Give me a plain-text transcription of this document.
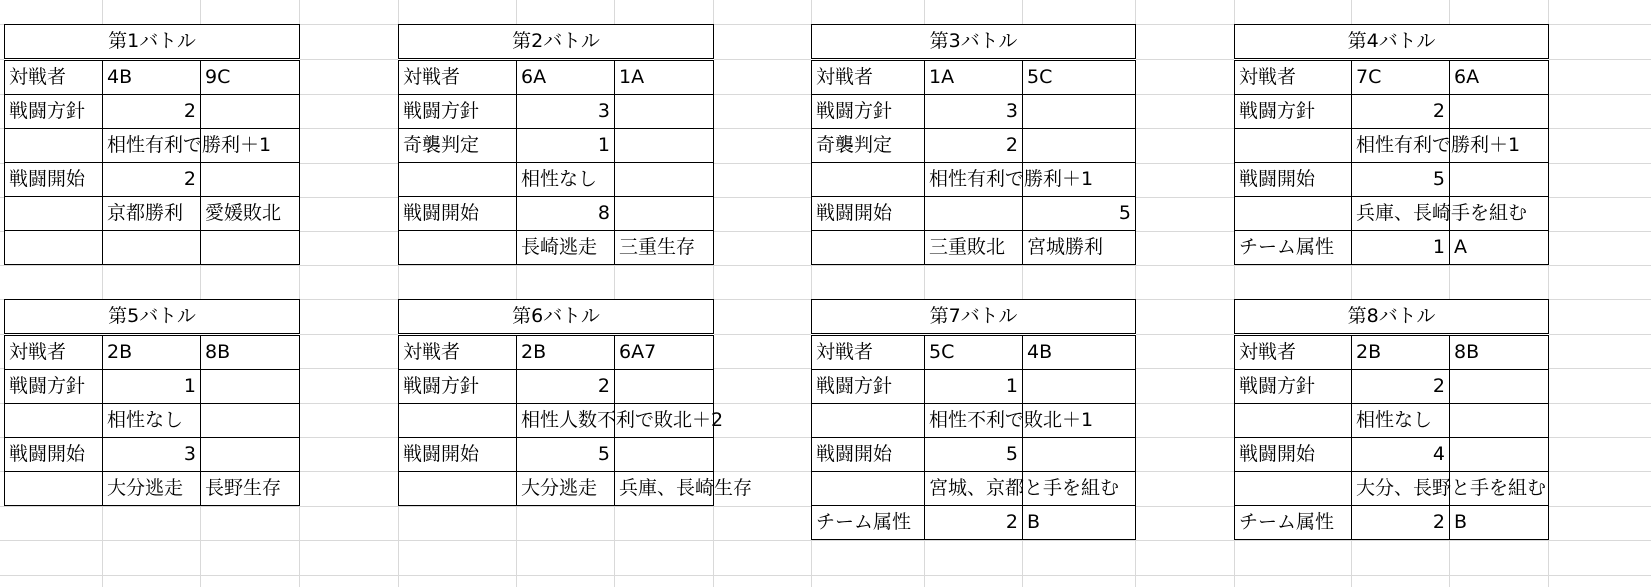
第1バトル		
対戦者	4B	9C
戦闘方針	2	
	相性有利で勝利＋1	
戦闘開始	2	
	京都勝利	愛媛敗北

第2バトル		
対戦者	6A	1A
戦闘方針	3	
奇襲判定	1	
	相性なし	
戦闘開始	8	
	長崎逃走	三重生存
第3バトル		
対戦者	1A	5C
戦闘方針	3	
奇襲判定	2	
	相性有利で勝利＋1	
戦闘開始		5
	三重敗北	宮城勝利
第4バトル		
対戦者	7C	6A
戦闘方針	2	
	相性有利で勝利＋1	
戦闘開始	5	
	兵庫、長崎手を組む	
チーム属性	1	A
第5バトル		
対戦者	2B	8B
戦闘方針	1	
	相性なし	
戦闘開始	3	
	大分逃走	長野生存
第6バトル		
対戦者	2B	6A7
戦闘方針	2	
	相性人数不利で敗北＋2	
戦闘開始	5	
	大分逃走	兵庫、長崎生存
第7バトル		
対戦者	5C	4B
戦闘方針	1	
	相性不利で敗北＋1	
戦闘開始	5	
	宮城、京都と手を組む	
チーム属性	2	B
第8バトル		
対戦者	2B	8B
戦闘方針	2	
	相性なし	
戦闘開始	4	
	大分、長野と手を組む	
チーム属性	2	B
